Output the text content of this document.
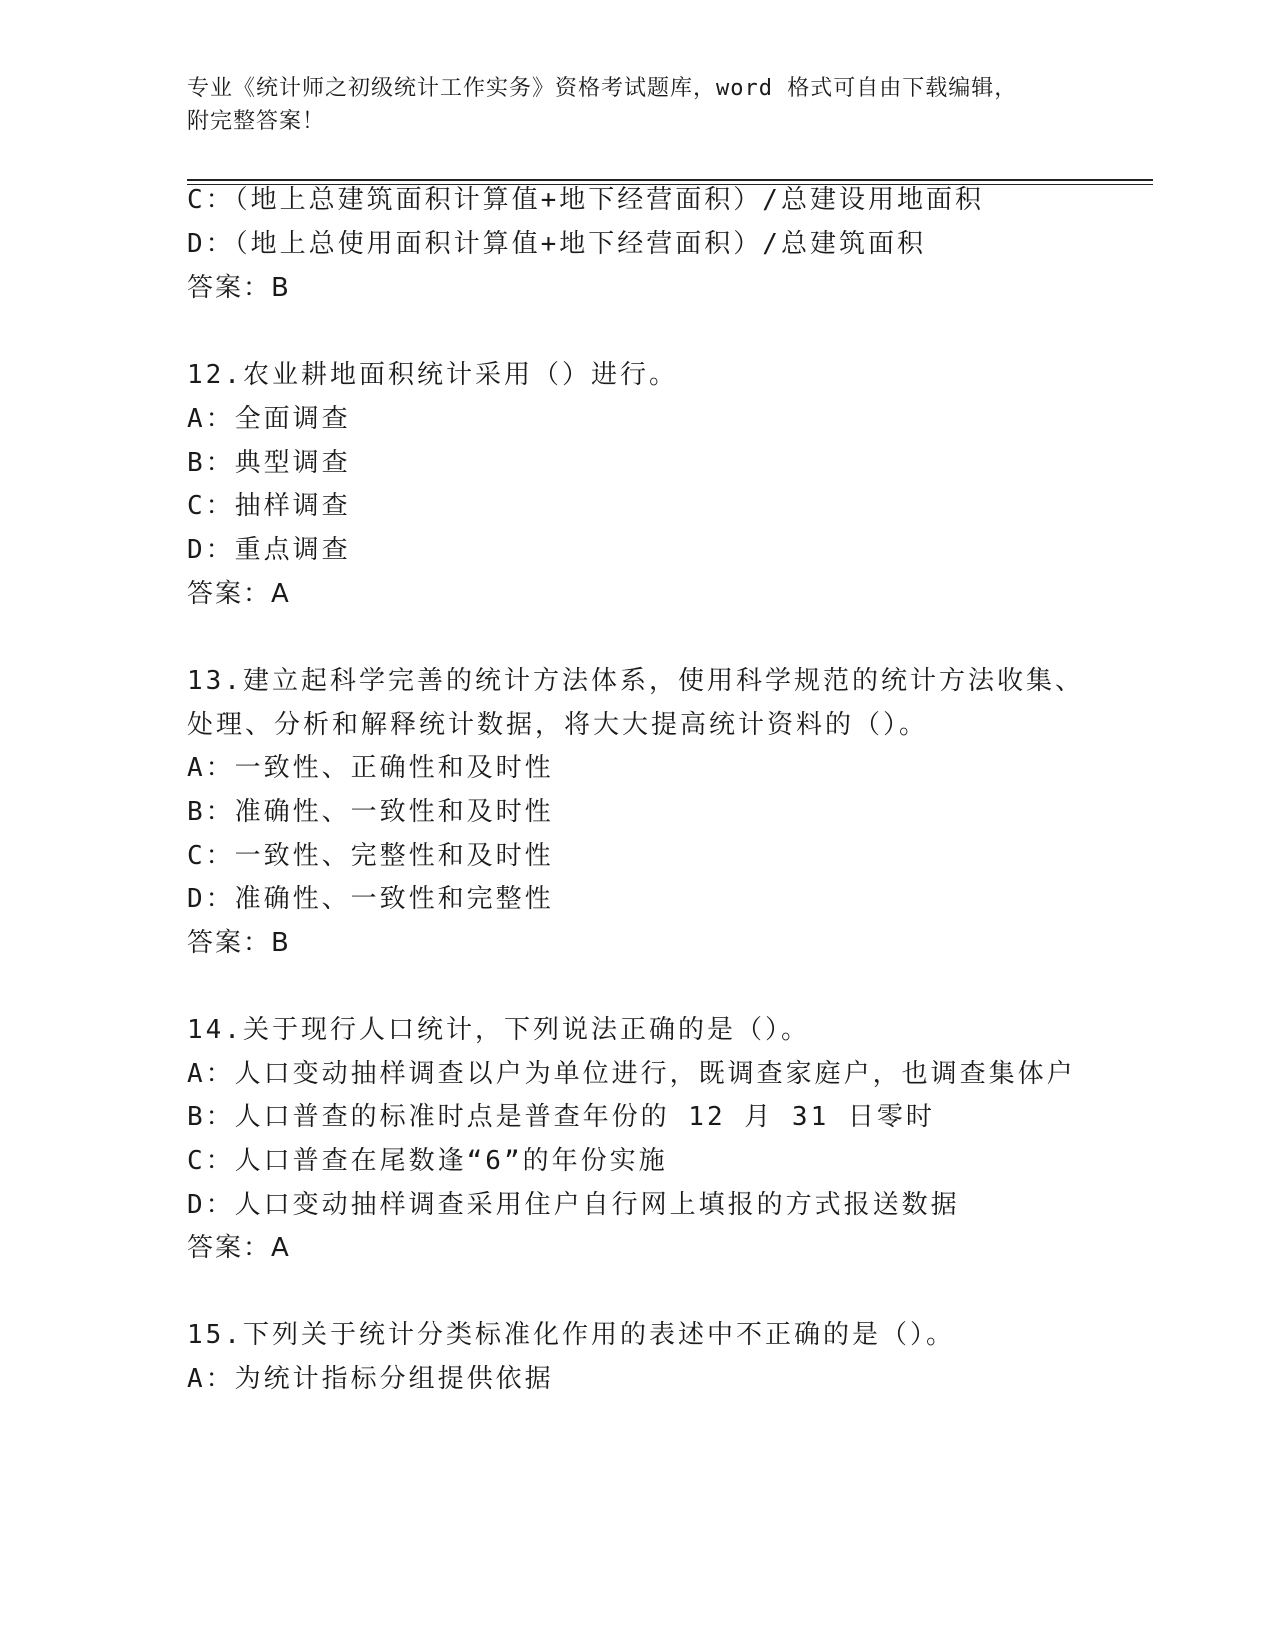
专业《统计师之初级统计工作实务》资格考试题库，word 格式可自由下载编辑，
附完整答案！
C：（地上总建筑面积计算值+地下经营面积）/总建设用地面积
D：（地上总使用面积计算值+地下经营面积）/总建筑面积
答案：B
12.农业耕地面积统计采用（）进行。
A：全面调查
B：典型调查
C：抽样调查
D：重点调查
答案：A
13.建立起科学完善的统计方法体系，使用科学规范的统计方法收集、
处理、分析和解释统计数据，将大大提高统计资料的（）。
A：一致性、正确性和及时性
B：准确性、一致性和及时性
C：一致性、完整性和及时性
D：准确性、一致性和完整性
答案：B
14.关于现行人口统计，下列说法正确的是（）。
A：人口变动抽样调查以户为单位进行，既调查家庭户，也调查集体户
B：人口普查的标准时点是普查年份的 12 月 31 日零时
C：人口普查在尾数逢“6”的年份实施
D：人口变动抽样调查采用住户自行网上填报的方式报送数据
答案：A
15.下列关于统计分类标准化作用的表述中不正确的是（）。
A：为统计指标分组提供依据
